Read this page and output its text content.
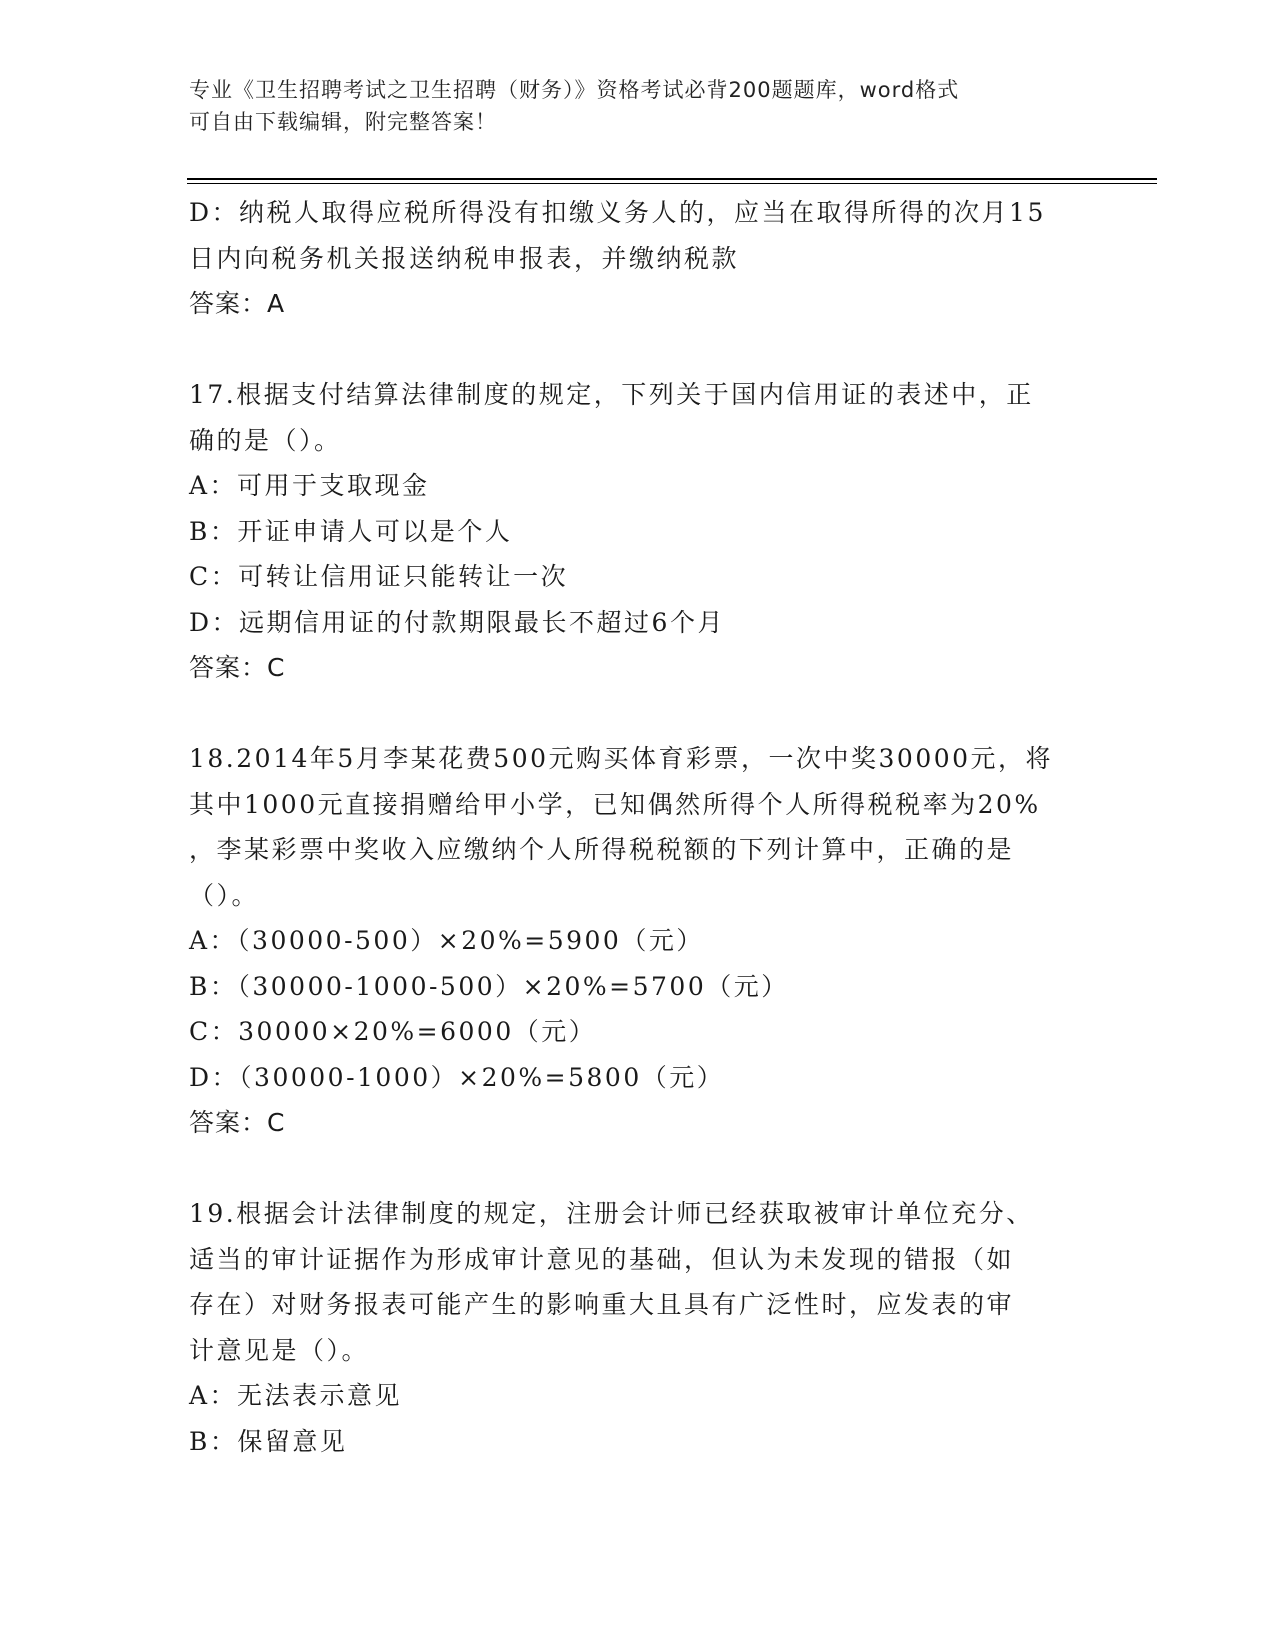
专业《卫生招聘考试之卫生招聘（财务）》资格考试必背200题题库，word格式
可自由下载编辑，附完整答案！
D：纳税人取得应税所得没有扣缴义务人的，应当在取得所得的次月15
日内向税务机关报送纳税申报表，并缴纳税款
答案：A
17.根据支付结算法律制度的规定，下列关于国内信用证的表述中，正
确的是（）。
A：可用于支取现金
B：开证申请人可以是个人
C：可转让信用证只能转让一次
D：远期信用证的付款期限最长不超过6个月
答案：C
18.2014年5月李某花费500元购买体育彩票，一次中奖30000元，将
其中1000元直接捐赠给甲小学，已知偶然所得个人所得税税率为20%
，李某彩票中奖收入应缴纳个人所得税税额的下列计算中，正确的是
（）。
A：（30000-500）×20%=5900（元）
B：（30000-1000-500）×20%=5700（元）
C：30000×20%=6000（元）
D：（30000-1000）×20%=5800（元）
答案：C
19.根据会计法律制度的规定，注册会计师已经获取被审计单位充分、
适当的审计证据作为形成审计意见的基础，但认为未发现的错报（如
存在）对财务报表可能产生的影响重大且具有广泛性时，应发表的审
计意见是（）。
A：无法表示意见
B：保留意见
